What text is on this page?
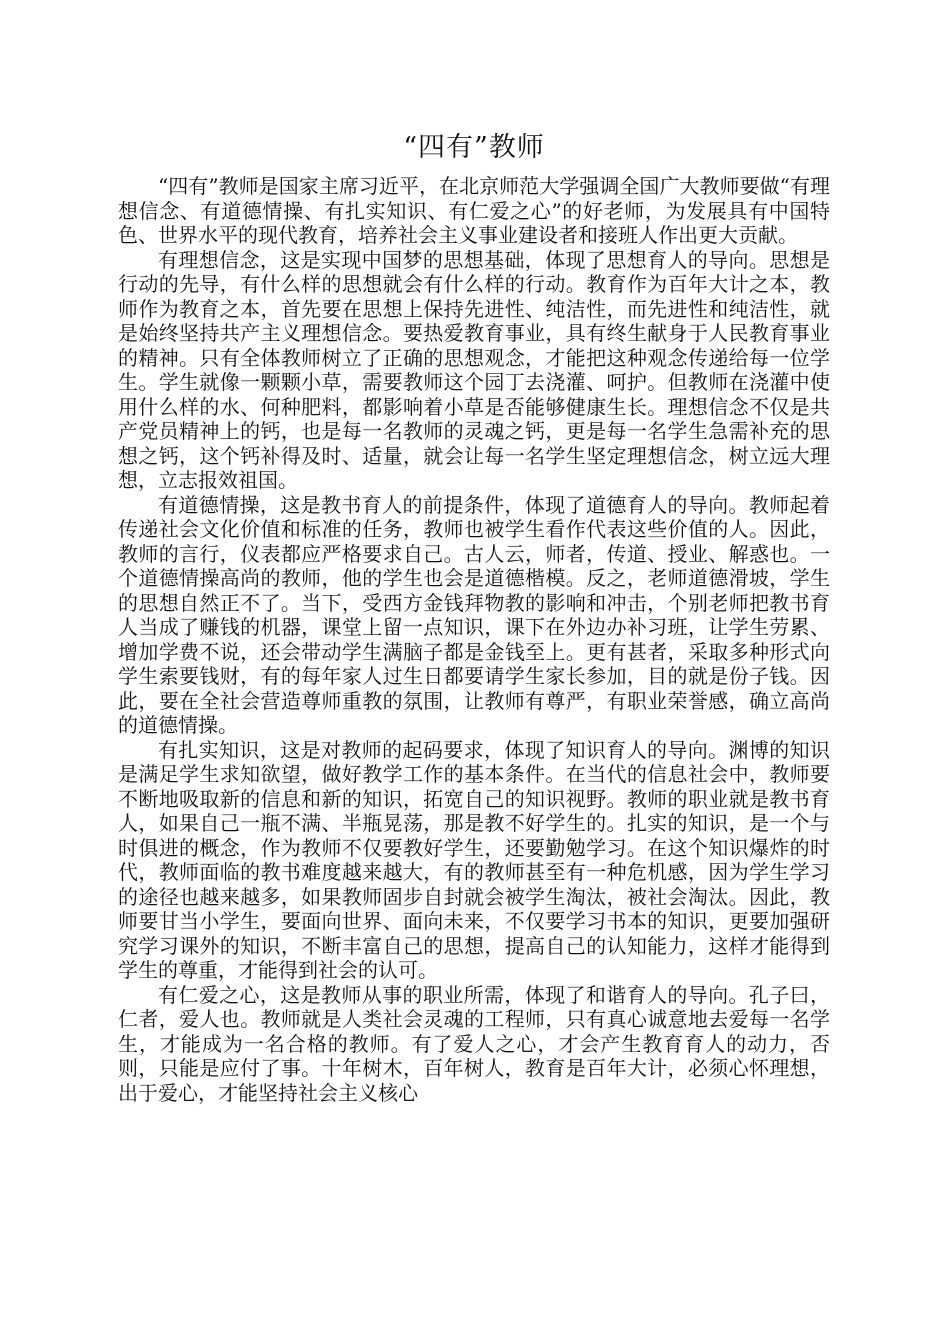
“四有”教师

“四有”教师是国家主席习近平，在北京师范大学强调全国广大教师要做“有理想信念、有道德情操、有扎实知识、有仁爱之心”的好老师，为发展具有中国特色、世界水平的现代教育，培养社会主义事业建设者和接班人作出更大贡献。

有理想信念，这是实现中国梦的思想基础，体现了思想育人的导向。思想是行动的先导，有什么样的思想就会有什么样的行动。教育作为百年大计之本，教师作为教育之本，首先要在思想上保持先进性、纯洁性，而先进性和纯洁性，就是始终坚持共产主义理想信念。要热爱教育事业，具有终生献身于人民教育事业的精神。只有全体教师树立了正确的思想观念，才能把这种观念传递给每一位学生。学生就像一颗颗小草，需要教师这个园丁去浇灌、呵护。但教师在浇灌中使用什么样的水、何种肥料，都影响着小草是否能够健康生长。理想信念不仅是共产党员精神上的钙，也是每一名教师的灵魂之钙，更是每一名学生急需补充的思想之钙，这个钙补得及时、适量，就会让每一名学生坚定理想信念，树立远大理想，立志报效祖国。

有道德情操，这是教书育人的前提条件，体现了道德育人的导向。教师起着传递社会文化价值和标准的任务，教师也被学生看作代表这些价值的人。因此，教师的言行，仪表都应严格要求自己。古人云，师者，传道、授业、解惑也。一个道德情操高尚的教师，他的学生也会是道德楷模。反之，老师道德滑坡，学生的思想自然正不了。当下，受西方金钱拜物教的影响和冲击，个别老师把教书育人当成了赚钱的机器，课堂上留一点知识，课下在外边办补习班，让学生劳累、增加学费不说，还会带动学生满脑子都是金钱至上。更有甚者，采取多种形式向学生索要钱财，有的每年家人过生日都要请学生家长参加，目的就是份子钱。因此，要在全社会营造尊师重教的氛围，让教师有尊严，有职业荣誉感，确立高尚的道德情操。

有扎实知识，这是对教师的起码要求，体现了知识育人的导向。渊博的知识是满足学生求知欲望，做好教学工作的基本条件。在当代的信息社会中，教师要不断地吸取新的信息和新的知识，拓宽自己的知识视野。教师的职业就是教书育人，如果自己一瓶不满、半瓶晃荡，那是教不好学生的。扎实的知识，是一个与时俱进的概念，作为教师不仅要教好学生，还要勤勉学习。在这个知识爆炸的时代，教师面临的教书难度越来越大，有的教师甚至有一种危机感，因为学生学习的途径也越来越多，如果教师固步自封就会被学生淘汰，被社会淘汰。因此，教师要甘当小学生，要面向世界、面向未来，不仅要学习书本的知识，更要加强研究学习课外的知识，不断丰富自己的思想，提高自己的认知能力，这样才能得到学生的尊重，才能得到社会的认可。

有仁爱之心，这是教师从事的职业所需，体现了和谐育人的导向。孔子曰，仁者，爱人也。教师就是人类社会灵魂的工程师，只有真心诚意地去爱每一名学生，才能成为一名合格的教师。有了爱人之心，才会产生教育育人的动力，否则，只能是应付了事。十年树木，百年树人，教育是百年大计，必须心怀理想，出于爱心，才能坚持社会主义核心
